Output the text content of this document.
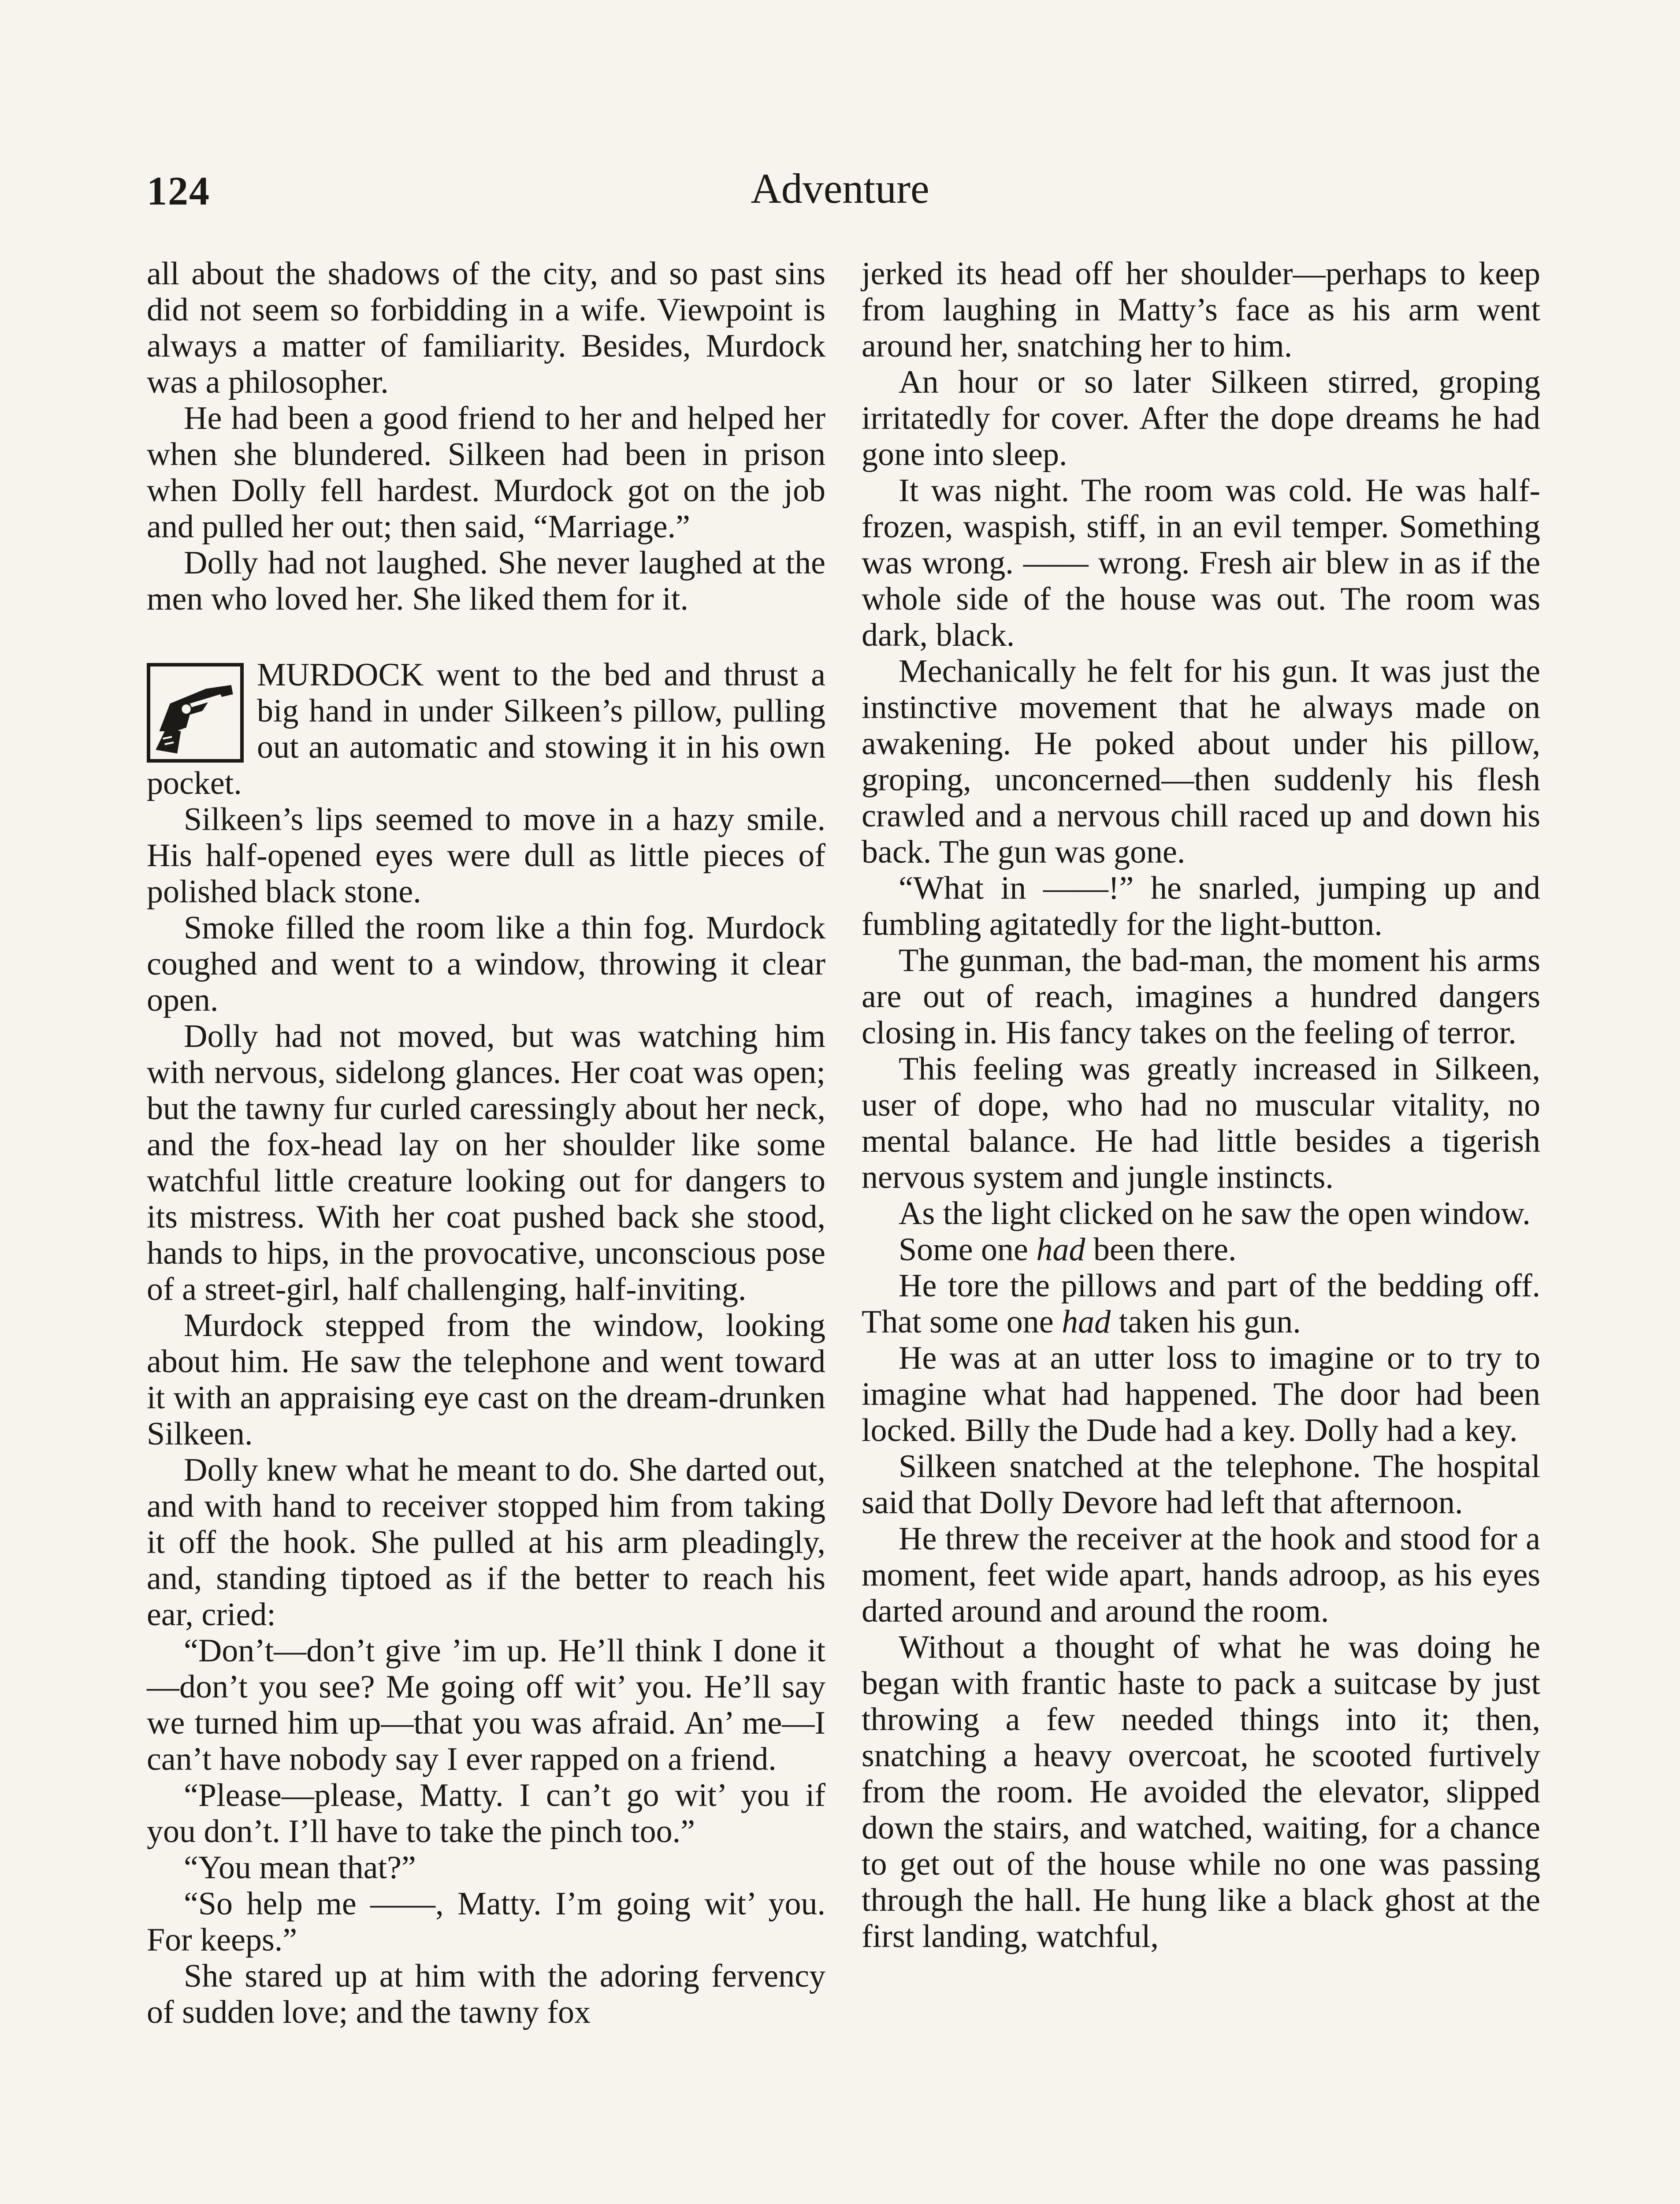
124	Adventure

all about the shadows of the city, and so past sins did not seem so forbidding in a wife. Viewpoint is always a matter of familiarity. Besides, Murdock was a philosopher.

He had been a good friend to her and helped her when she blundered. Silkeen had been in prison when Dolly fell hardest. Murdock got on the job and pulled her out; then said, “Marriage.”

Dolly had not laughed. She never laughed at the men who loved her. She liked them for it.

MURDOCK went to the bed and thrust a big hand in under Silkeen’s pillow, pulling out an automatic and stowing it in his own pocket.

Silkeen’s lips seemed to move in a hazy smile. His half-opened eyes were dull as little pieces of polished black stone.

Smoke filled the room like a thin fog. Murdock coughed and went to a window, throwing it clear open.

Dolly had not moved, but was watching him with nervous, sidelong glances. Her coat was open; but the tawny fur curled caressingly about her neck, and the fox-head lay on her shoulder like some watchful little creature looking out for dangers to its mistress. With her coat pushed back she stood, hands to hips, in the provocative, unconscious pose of a street-girl, half challenging, half-inviting.

Murdock stepped from the window, looking about him. He saw the telephone and went toward it with an appraising eye cast on the dream-drunken Silkeen.

Dolly knew what he meant to do. She darted out, and with hand to receiver stopped him from taking it off the hook. She pulled at his arm pleadingly, and, standing tiptoed as if the better to reach his ear, cried:

“Don’t—don’t give ’im up. He’ll think I done it—don’t you see? Me going off wit’ you. He’ll say we turned him up—that you was afraid. An’ me—I can’t have nobody say I ever rapped on a friend.

“Please—please, Matty. I can’t go wit’ you if you don’t. I’ll have to take the pinch too.”

“You mean that?”

“So help me ——, Matty. I’m going wit’ you. For keeps.”

She stared up at him with the adoring fervency of sudden love; and the tawny fox

jerked its head off her shoulder—perhaps to keep from laughing in Matty’s face as his arm went around her, snatching her to him.

An hour or so later Silkeen stirred, groping irritatedly for cover. After the dope dreams he had gone into sleep.

It was night. The room was cold. He was half-frozen, waspish, stiff, in an evil temper. Something was wrong. —— wrong. Fresh air blew in as if the whole side of the house was out. The room was dark, black.

Mechanically he felt for his gun. It was just the instinctive movement that he always made on awakening. He poked about under his pillow, groping, unconcerned—then suddenly his flesh crawled and a nervous chill raced up and down his back. The gun was gone.

“What in ——!” he snarled, jumping up and fumbling agitatedly for the light-button.

The gunman, the bad-man, the moment his arms are out of reach, imagines a hundred dangers closing in. His fancy takes on the feeling of terror.

This feeling was greatly increased in Silkeen, user of dope, who had no muscular vitality, no mental balance. He had little besides a tigerish nervous system and jungle instincts.

As the light clicked on he saw the open window.

Some one had been there.

He tore the pillows and part of the bedding off. That some one had taken his gun.

He was at an utter loss to imagine or to try to imagine what had happened. The door had been locked. Billy the Dude had a key. Dolly had a key.

Silkeen snatched at the telephone. The hospital said that Dolly Devore had left that afternoon.

He threw the receiver at the hook and stood for a moment, feet wide apart, hands adroop, as his eyes darted around and around the room.

Without a thought of what he was doing he began with frantic haste to pack a suitcase by just throwing a few needed things into it; then, snatching a heavy overcoat, he scooted furtively from the room. He avoided the elevator, slipped down the stairs, and watched, waiting, for a chance to get out of the house while no one was passing through the hall. He hung like a black ghost at the first landing, watchful,
